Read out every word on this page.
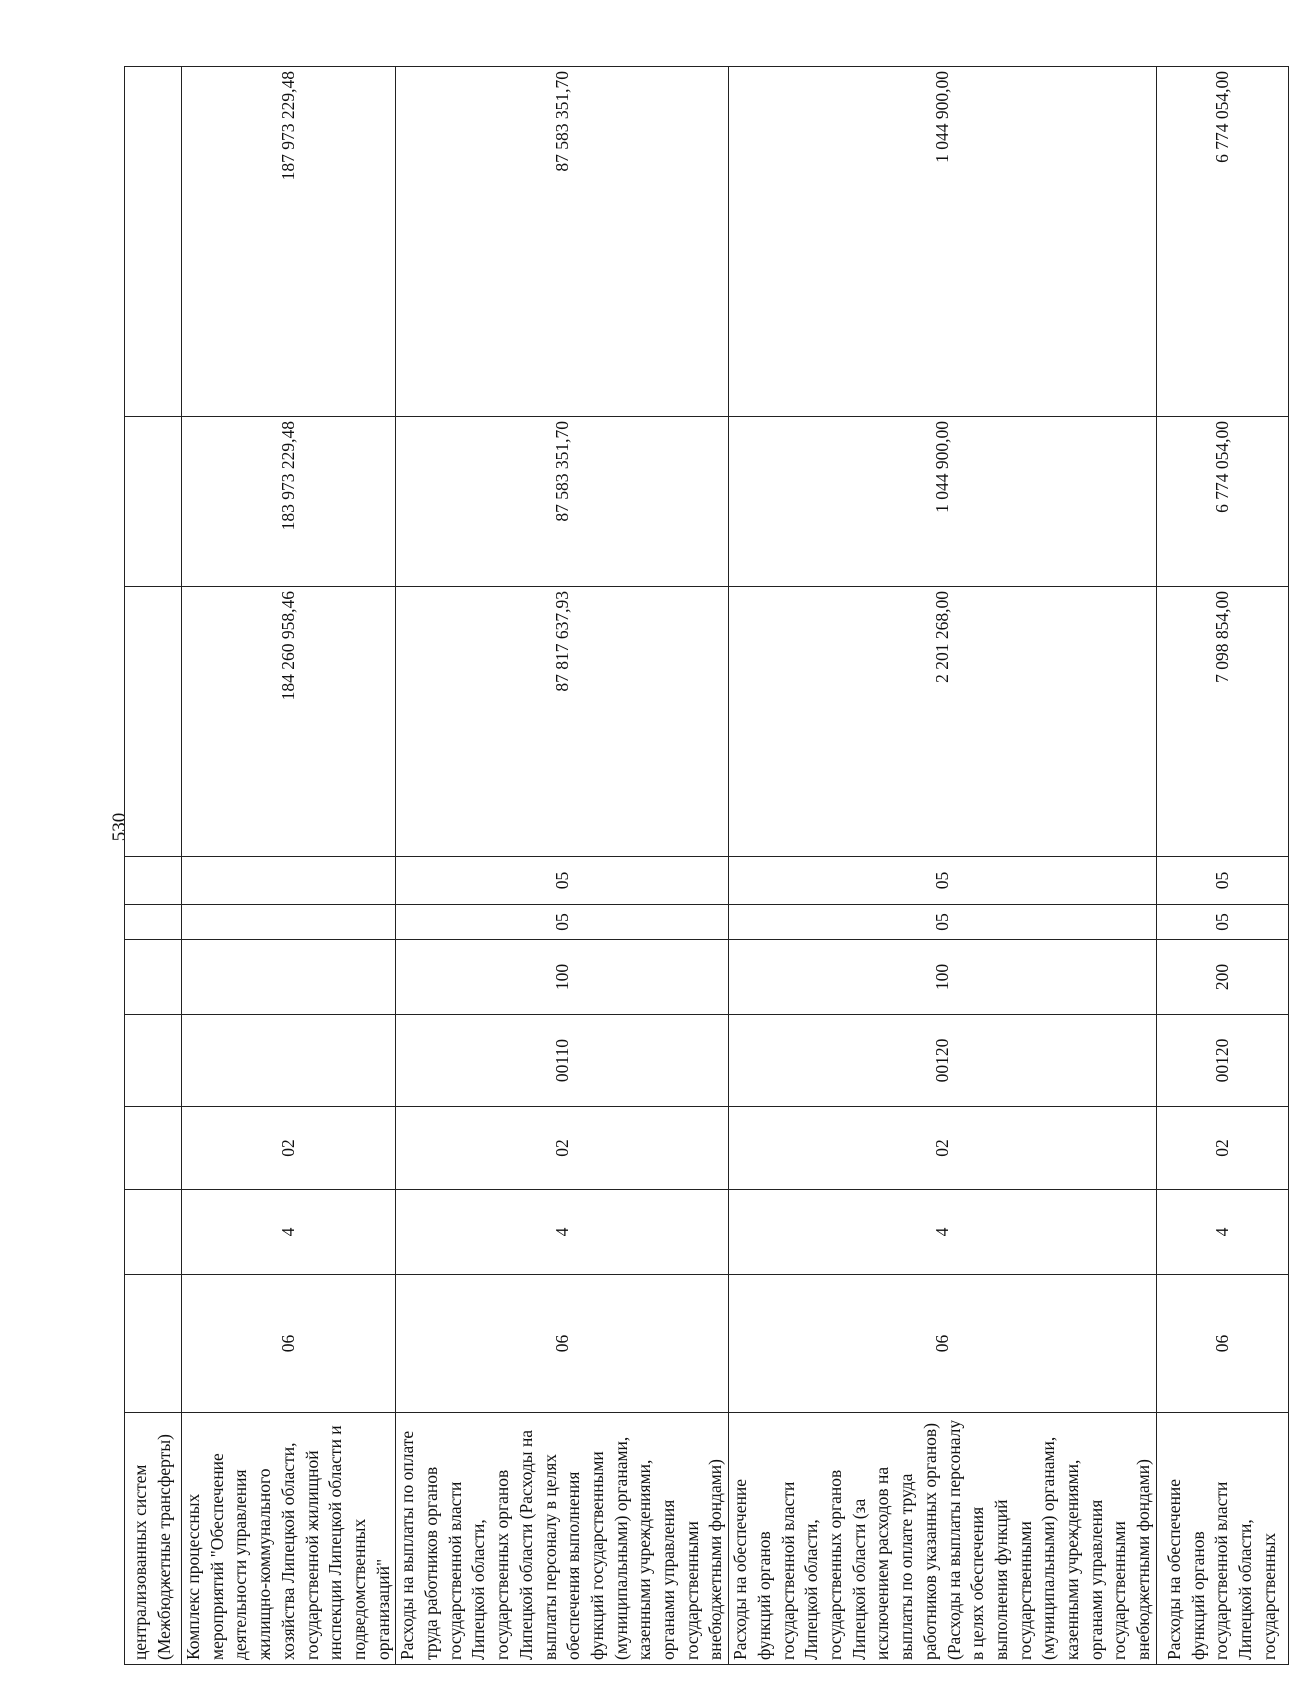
530
централизованных систем (Межбюджетные трансферты)										
Комплекс процессных мероприятий "Обеспечение деятельности управления жилищно-коммунального хозяйства Липецкой области, государственной жилищной инспекции Липецкой области и подведомственных организаций"	06	4	02					184 260 958,46	183 973 229,48	187 973 229,48
Расходы на выплаты по оплате труда работников органов государственной власти Липецкой области, государственных органов Липецкой области (Расходы на выплаты персоналу в целях обеспечения выполнения функций государственными (муниципальными) органами, казенными учреждениями, органами управления государственными внебюджетными фондами)	06	4	02	00110	100	05	05	87 817 637,93	87 583 351,70	87 583 351,70
Расходы на обеспечение функций органов государственной власти Липецкой области, государственных органов Липецкой области (за исключением расходов на выплаты по оплате труда работников указанных органов) (Расходы на выплаты персоналу в целях обеспечения выполнения функций государственными (муниципальными) органами, казенными учреждениями, органами управления государственными внебюджетными фондами)	06	4	02	00120	100	05	05	2 201 268,00	1 044 900,00	1 044 900,00
Расходы на обеспечение функций органов государственной власти Липецкой области, государственных	06	4	02	00120	200	05	05	7 098 854,00	6 774 054,00	6 774 054,00
